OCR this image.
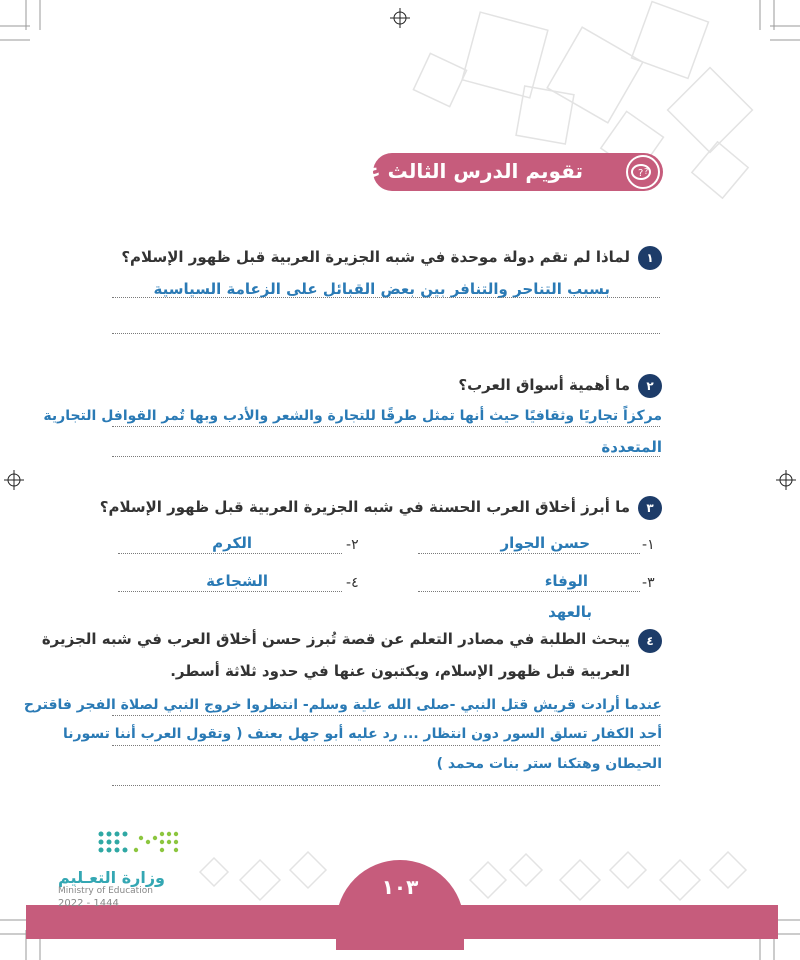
تقويم الدرس الثالث عشر	? ?
١
لماذا لم تقم دولة موحدة في شبه الجزيرة العربية قبل ظهور الإسلام؟
بسبب التناحر والتنافر بين بعض القبائل على الزعامة السياسية
٢
ما أهمية أسواق العرب؟
مركزاً تجاريًا وثقافيًا حيث أنها تمثل طرقًا للتجارة والشعر والأدب وبها تُمر القوافل التجارية
المتعددة
٣
ما أبرز أخلاق العرب الحسنة في شبه الجزيرة العربية قبل ظهور الإسلام؟
١-
حسن الجوار
٢-
الكرم
٣-
الوفاء
٤-
الشجاعة
بالعهد
٤
يبحث الطلبة في مصادر التعلم عن قصة تُبرز حسن أخلاق العرب في شبه الجزيرة
العربية قبل ظهور الإسلام، ويكتبون عنها في حدود ثلاثة أسطر.
عندما أرادت قريش قتل النبي -صلى الله علية وسلم- انتظروا خروج النبي لصلاة الفجر فاقترح
أحد الكفار تسلق السور دون انتظار ... رد عليه أبو جهل بعنف ( وتقول العرب أننا تسورنا
الحيطان وهتكنا ستر بنات محمد )
١٠٣
وزارة التعـليم
Ministry of Education
2022 - 1444
